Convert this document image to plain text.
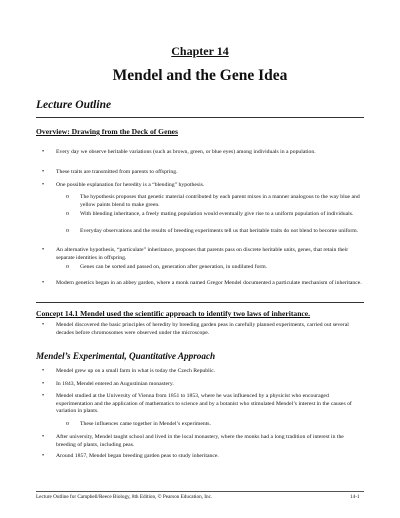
Chapter 14
Mendel and the Gene Idea
Lecture Outline
Overview: Drawing from the Deck of Genes
• Every day we observe heritable variations (such as brown, green, or blue eyes) among individuals in a population.
• These traits are transmitted from parents to offspring.
• One possible explanation for heredity is a “blending” hypothesis.
o The hypothesis proposes that genetic material contributed by each parent mixes in a manner analogous to the way blue and yellow paints blend to make green.
o With blending inheritance, a freely mating population would eventually give rise to a uniform population of individuals.
o Everyday observations and the results of breeding experiments tell us that heritable traits do not blend to become uniform.
• An alternative hypothesis, “particulate” inheritance, proposes that parents pass on discrete heritable units, genes, that retain their separate identities in offspring.
o Genes can be sorted and passed on, generation after generation, in undiluted form.
• Modern genetics began in an abbey garden, where a monk named Gregor Mendel documented a particulate mechanism of inheritance.
Concept 14.1 Mendel used the scientific approach to identify two laws of inheritance.
• Mendel discovered the basic principles of heredity by breeding garden peas in carefully planned experiments, carried out several decades before chromosomes were observed under the microscope.
Mendel’s Experimental, Quantitative Approach
• Mendel grew up on a small farm in what is today the Czech Republic.
• In 1843, Mendel entered an Augustinian monastery.
• Mendel studied at the University of Vienna from 1851 to 1853, where he was influenced by a physicist who encouraged experimentation and the application of mathematics to science and by a botanist who stimulated Mendel’s interest in the causes of variation in plants.
o These influences came together in Mendel’s experiments.
• After university, Mendel taught school and lived in the local monastery, where the monks had a long tradition of interest in the breeding of plants, including peas.
• Around 1857, Mendel began breeding garden peas to study inheritance.
Lecture Outline for Campbell/Reece Biology, 8th Edition, © Pearson Education, Inc.	14-1
